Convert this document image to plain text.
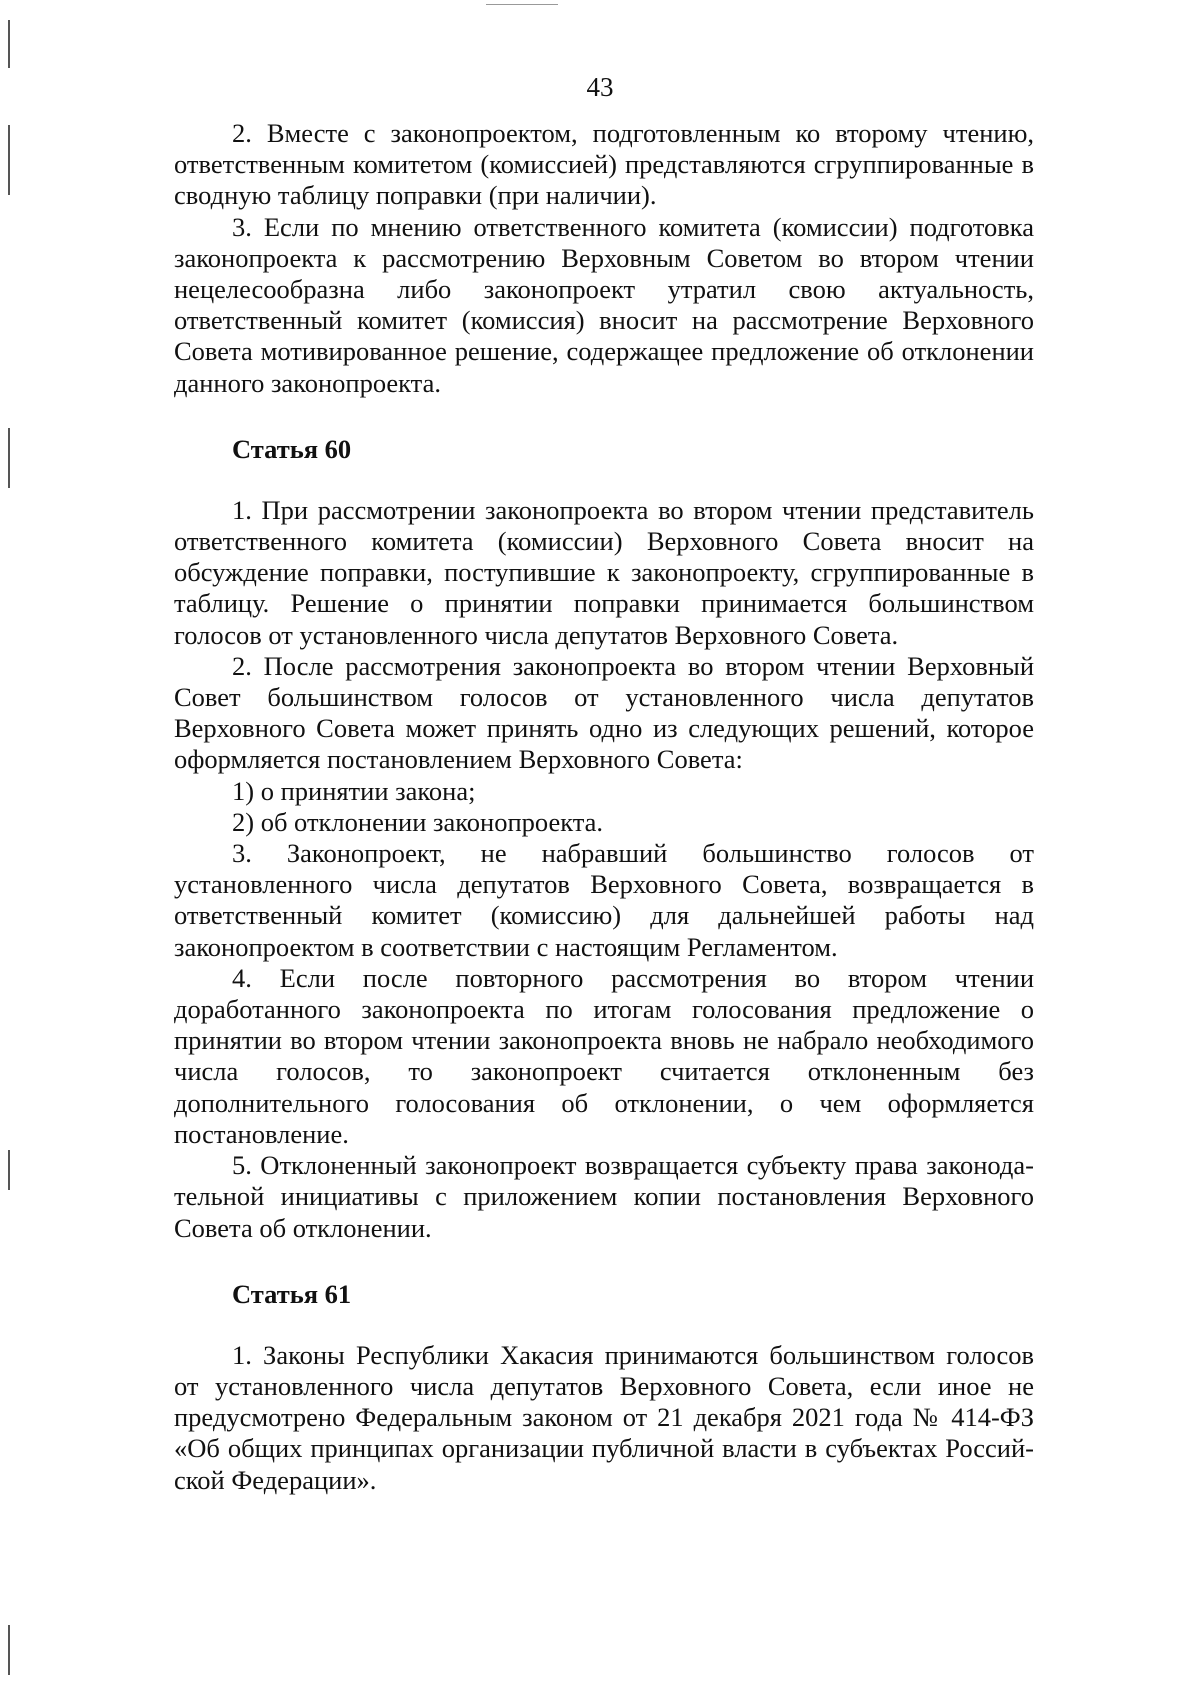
43

2. Вместе с законопроектом, подготовленным ко второму чтению, ответственным комитетом (комиссией) представляются сгруппированные в сводную таблицу поправки (при наличии).

3. Если по мнению ответственного комитета (комиссии) подготовка законопроекта к рассмотрению Верховным Советом во втором чтении нецелесообразна либо законопроект утратил свою актуальность, ответственный комитет (комиссия) вносит на рассмотрение Верховного Совета мотивированное решение, содержащее предложение об отклонении данного законопроекта.

Статья 60

1. При рассмотрении законопроекта во втором чтении представитель ответственного комитета (комиссии) Верховного Совета вносит на обсуждение поправки, поступившие к законопроекту, сгруппированные в таблицу. Решение о принятии поправки принимается большинством голосов от установленного числа депутатов Верховного Совета.

2. После рассмотрения законопроекта во втором чтении Верховный Совет большинством голосов от установленного числа депутатов Верховного Совета может принять одно из следующих решений, которое оформляется постановлением Верховного Совета:

1) о принятии закона;

2) об отклонении законопроекта.

3. Законопроект, не набравший большинство голосов от установленного числа депутатов Верховного Совета, возвращается в ответственный комитет (комиссию) для дальнейшей работы над законопроектом в соответствии с настоящим Регламентом.

4. Если после повторного рассмотрения во втором чтении доработанного законопроекта по итогам голосования предложение о принятии во втором чтении законопроекта вновь не набрало необходимого числа голосов, то законопроект считается отклоненным без дополнительного голосования об отклонении, о чем оформляется постановление.

5. Отклоненный законопроект возвращается субъекту права законодательной инициативы с приложением копии постановления Верховного Совета об отклонении.

Статья 61

1. Законы Республики Хакасия принимаются большинством голосов от установленного числа депутатов Верховного Совета, если иное не предусмотрено Федеральным законом от 21 декабря 2021 года № 414-ФЗ «Об общих принципах организации публичной власти в субъектах Российской Федерации».
